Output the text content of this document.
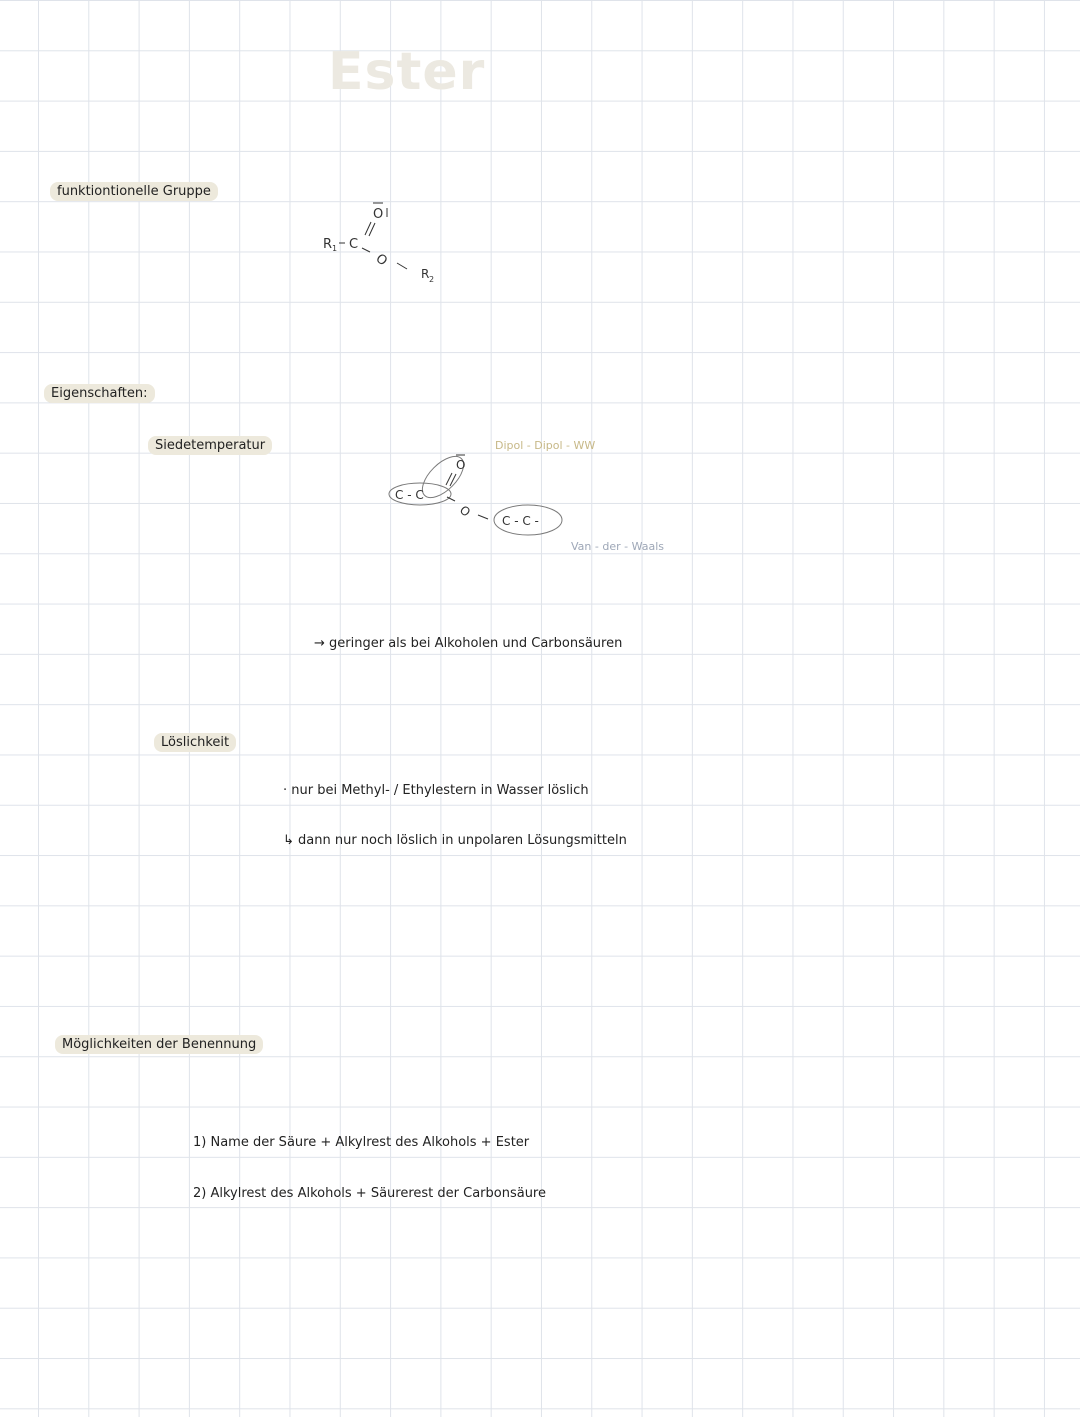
Ester
funktiontionelle Gruppe
R 1 C
O
O
R 2
Eigenschaften:
Siedetemperatur	Dipol - Dipol - WW
C - C
O
O
C - C -
Van - der - Waals
→ geringer als bei Alkoholen und Carbonsäuren
Löslichkeit
· nur bei Methyl- / Ethylestern in Wasser löslich
↳ dann nur noch löslich in unpolaren Lösungsmitteln
Möglichkeiten der Benennung
1) Name der Säure + Alkylrest des Alkohols + Ester
2) Alkylrest des Alkohols + Säurerest der Carbonsäure
